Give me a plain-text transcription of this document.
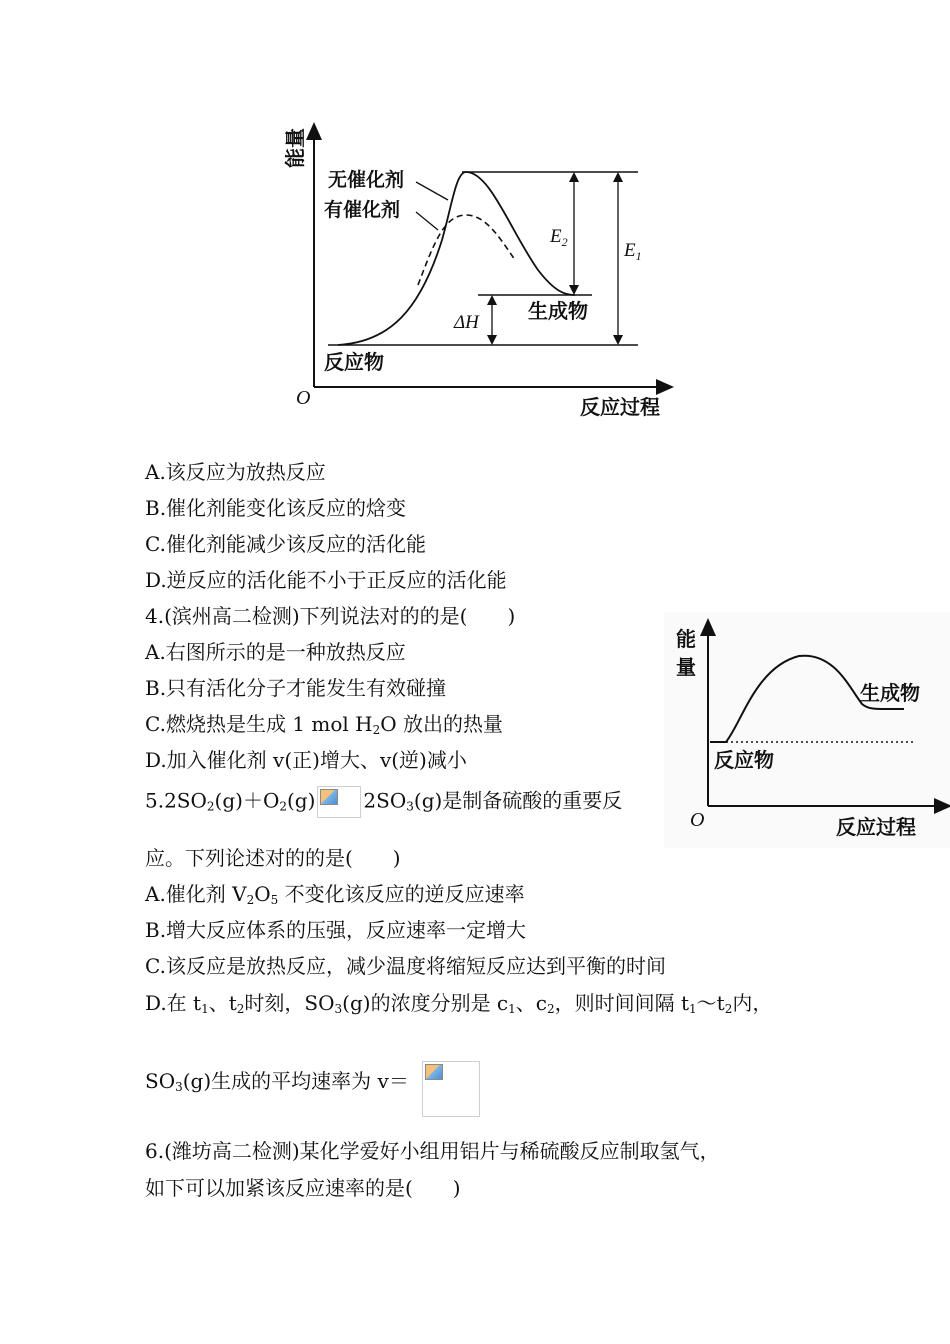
能量
反应过程
O
无催化剂
有催化剂
$E_2$	$E_1$
ΔH 生成物
反应物
A.该反应为放热反应
B.催化剂能变化该反应的焓变
C.催化剂能减少该反应的活化能
D.逆反应的活化能不小于正反应的活化能
4.(滨州高二检测)下列说法对的的是(　　)
A.右图所示的是一种放热反应
B.只有活化分子才能发生有效碰撞
C.燃烧热是生成 1 mol $H_2O$ 放出的热量
D.加入催化剂 v(正)增大、v(逆)减小
能
量
O	反应过程
生成物
反应物
$5.2SO_2(g)+O_2(g)$ $2SO_3(g)$是制备硫酸的重要反
应。下列论述对的的是(　　)
A.催化剂 $V_2O_5$ 不变化该反应的逆反应速率
B.增大反应体系的压强，反应速率一定增大
C.该反应是放热反应，减少温度将缩短反应达到平衡的时间
D.在 $t_1$、$t_2$时刻，$SO_3(g)$的浓度分别是 $c_1$、$c_2$，则时间间隔 $t_1\sim t_2$内，
$SO_3(g)$生成的平均速率为 v＝
6.(潍坊高二检测)某化学爱好小组用铝片与稀硫酸反应制取氢气，
如下可以加紧该反应速率的是(　　)
